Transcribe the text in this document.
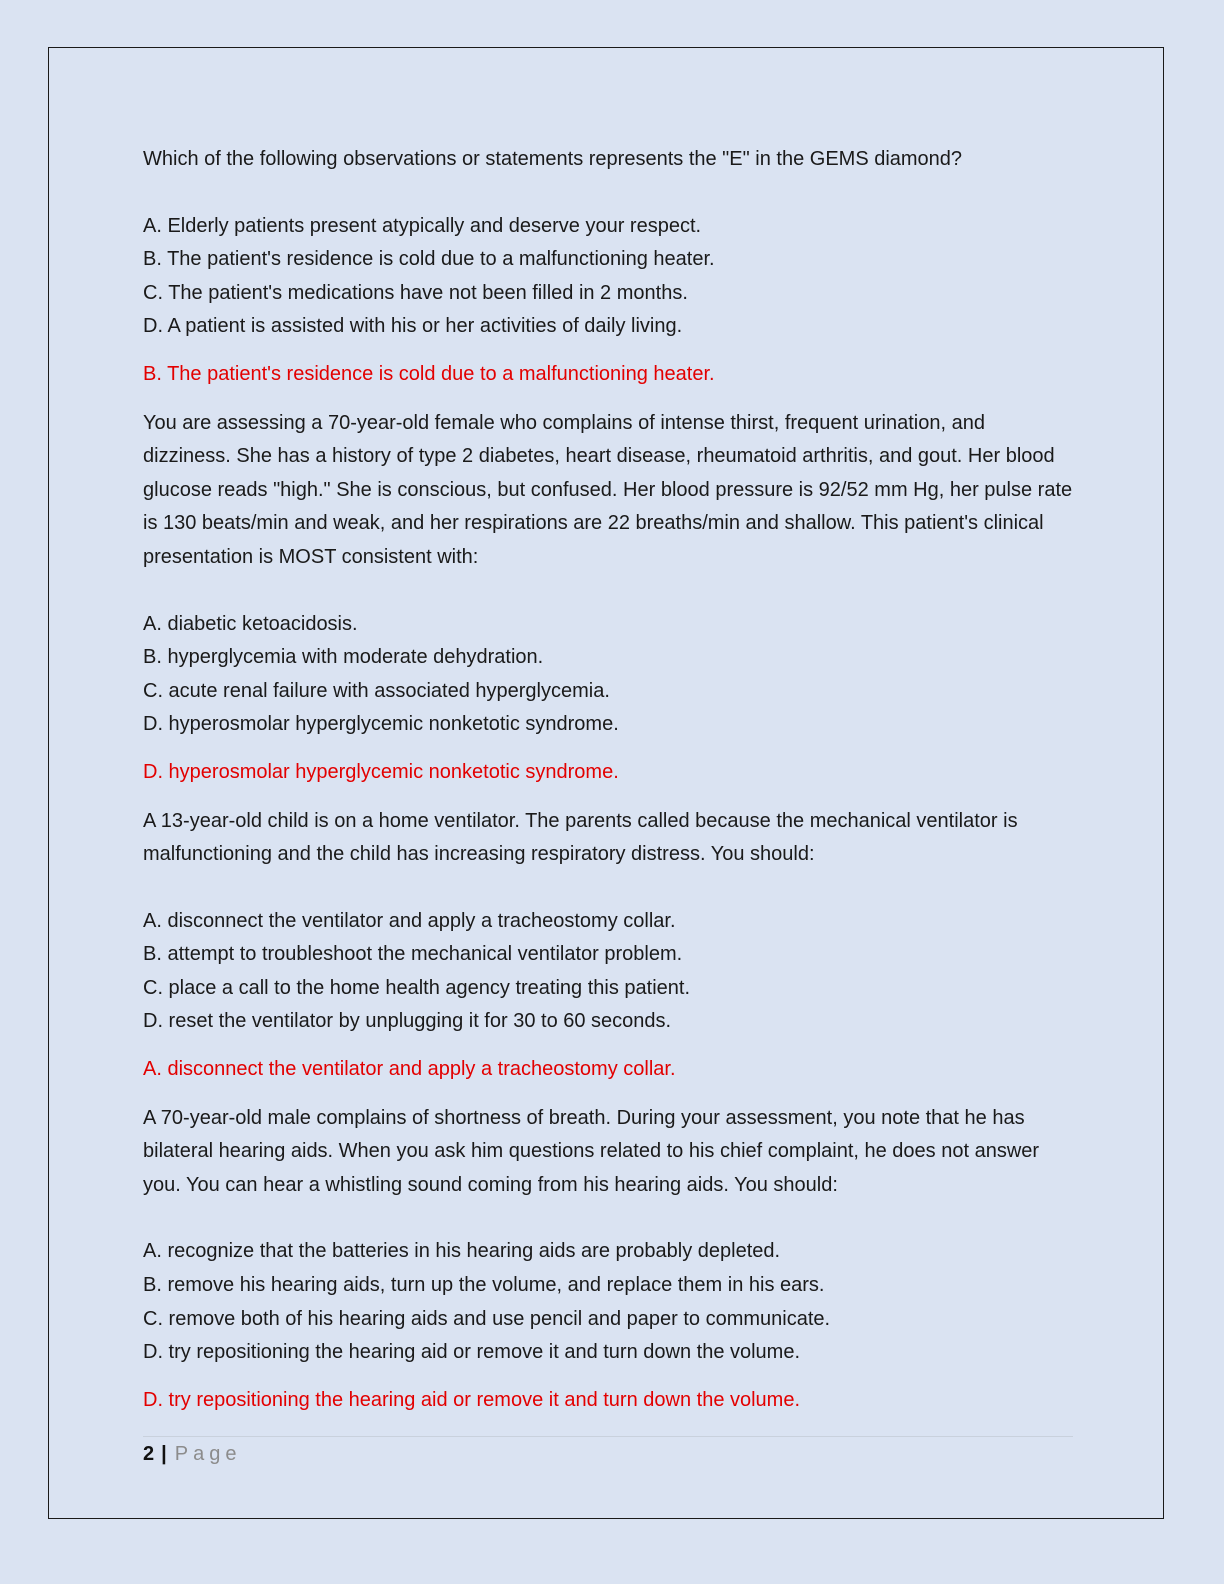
Which of the following observations or statements represents the "E" in the GEMS diamond?

A. Elderly patients present atypically and deserve your respect.
B. The patient's residence is cold due to a malfunctioning heater.
C. The patient's medications have not been filled in 2 months.
D. A patient is assisted with his or her activities of daily living.

B. The patient's residence is cold due to a malfunctioning heater.

You are assessing a 70-year-old female who complains of intense thirst, frequent urination, and dizziness. She has a history of type 2 diabetes, heart disease, rheumatoid arthritis, and gout. Her blood glucose reads "high." She is conscious, but confused. Her blood pressure is 92/52 mm Hg, her pulse rate is 130 beats/min and weak, and her respirations are 22 breaths/min and shallow. This patient's clinical presentation is MOST consistent with:

A. diabetic ketoacidosis.
B. hyperglycemia with moderate dehydration.
C. acute renal failure with associated hyperglycemia.
D. hyperosmolar hyperglycemic nonketotic syndrome.

D. hyperosmolar hyperglycemic nonketotic syndrome.

A 13-year-old child is on a home ventilator. The parents called because the mechanical ventilator is malfunctioning and the child has increasing respiratory distress. You should:

A. disconnect the ventilator and apply a tracheostomy collar.
B. attempt to troubleshoot the mechanical ventilator problem.
C. place a call to the home health agency treating this patient.
D. reset the ventilator by unplugging it for 30 to 60 seconds.

A. disconnect the ventilator and apply a tracheostomy collar.

A 70-year-old male complains of shortness of breath. During your assessment, you note that he has bilateral hearing aids. When you ask him questions related to his chief complaint, he does not answer you. You can hear a whistling sound coming from his hearing aids. You should:

A. recognize that the batteries in his hearing aids are probably depleted.
B. remove his hearing aids, turn up the volume, and replace them in his ears.
C. remove both of his hearing aids and use pencil and paper to communicate.
D. try repositioning the hearing aid or remove it and turn down the volume.

D. try repositioning the hearing aid or remove it and turn down the volume.

2 | Page
